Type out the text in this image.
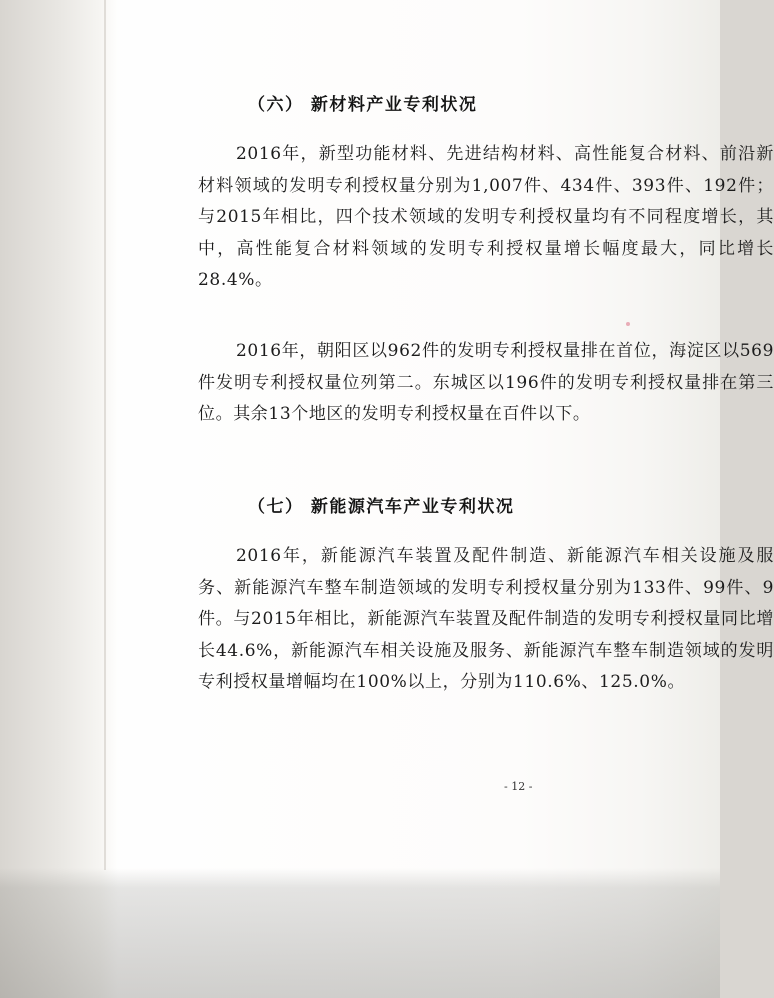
（六） 新材料产业专利状况

2016年，新型功能材料、先进结构材料、高性能复合材料、前沿新材料领域的发明专利授权量分别为1,007件、434件、393件、192件；与2015年相比，四个技术领域的发明专利授权量均有不同程度增长，其中，高性能复合材料领域的发明专利授权量增长幅度最大，同比增长28.4%。

2016年，朝阳区以962件的发明专利授权量排在首位，海淀区以569件发明专利授权量位列第二。东城区以196件的发明专利授权量排在第三位。其余13个地区的发明专利授权量在百件以下。

（七） 新能源汽车产业专利状况

2016年，新能源汽车装置及配件制造、新能源汽车相关设施及服务、新能源汽车整车制造领域的发明专利授权量分别为133件、99件、9件。与2015年相比，新能源汽车装置及配件制造的发明专利授权量同比增长44.6%，新能源汽车相关设施及服务、新能源汽车整车制造领域的发明专利授权量增幅均在100%以上，分别为110.6%、125.0%。

- 12 -
